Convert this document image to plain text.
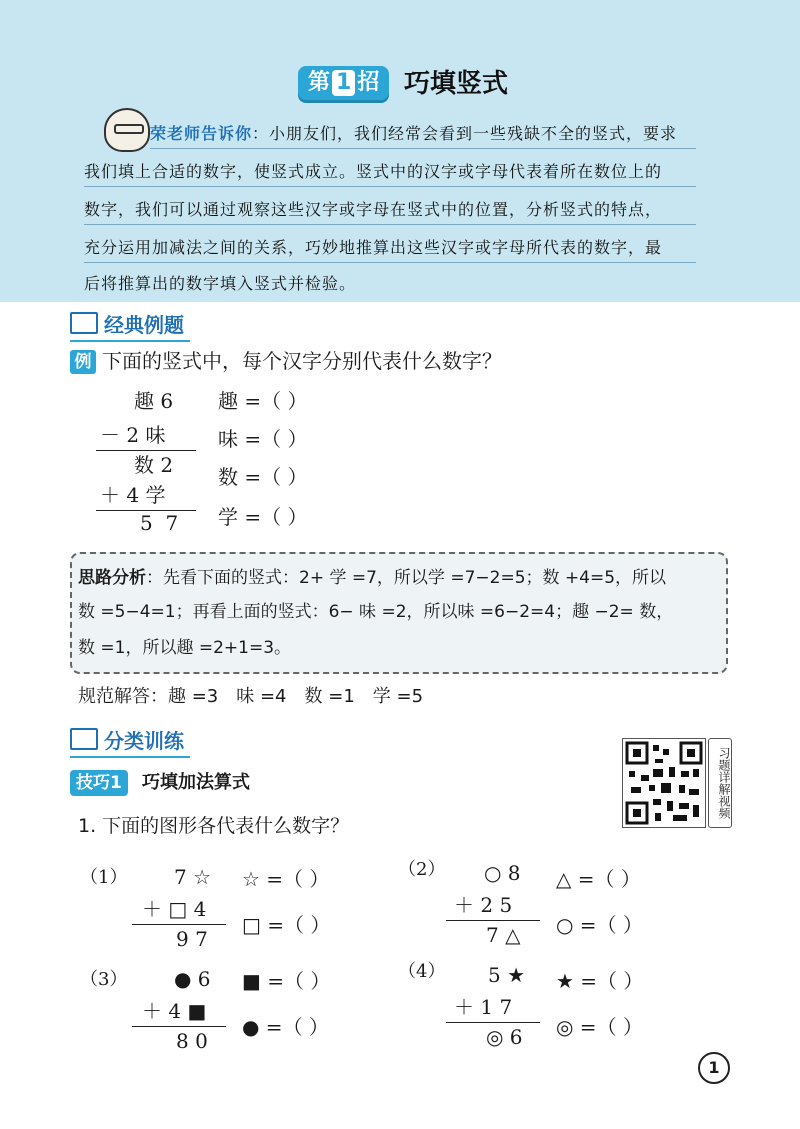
第 1 招 巧填竖式
荣老师告诉你：小朋友们，我们经常会看到一些残缺不全的竖式，要求
我们填上合适的数字，使竖式成立。竖式中的汉字或字母代表着所在数位上的
数字，我们可以通过观察这些汉字或字母在竖式中的位置，分析竖式的特点，
充分运用加减法之间的关系，巧妙地推算出这些汉字或字母所代表的数字，最
后将推算出的数字填入竖式并检验。
经典例题
例 下面的竖式中，每个汉字分别代表什么数字？
趣 6
－ 2 味
数 2
＋ 4 学
5  7
趣 =（ ）
味 =（ ）
数 =（ ）
学 =（ ）
思路分析：先看下面的竖式：2+ 学 =7，所以学 =7−2=5；数 +4=5，所以
数 =5−4=1；再看上面的竖式：6− 味 =2，所以味 =6−2=4；趣 −2= 数，
数 =1，所以趣 =2+1=3。
规范解答：趣 =3　味 =4　数 =1　学 =5
分类训练
技巧1	巧填加法算式	习题详解视频
1. 下面的图形各代表什么数字？
（1） 7 ☆
＋ □ 4
9 7
☆ =（ ）
□ =（ ）
（2） ○ 8
＋ 2 5
7 △
△ =（ ）
○ =（ ）
（3） ● 6
＋ 4 ■
8 0
■ =（ ）
● =（ ）
（4） 5 ★
＋ 1 7
◎ 6
★ =（ ）
◎ =（ ）
1
